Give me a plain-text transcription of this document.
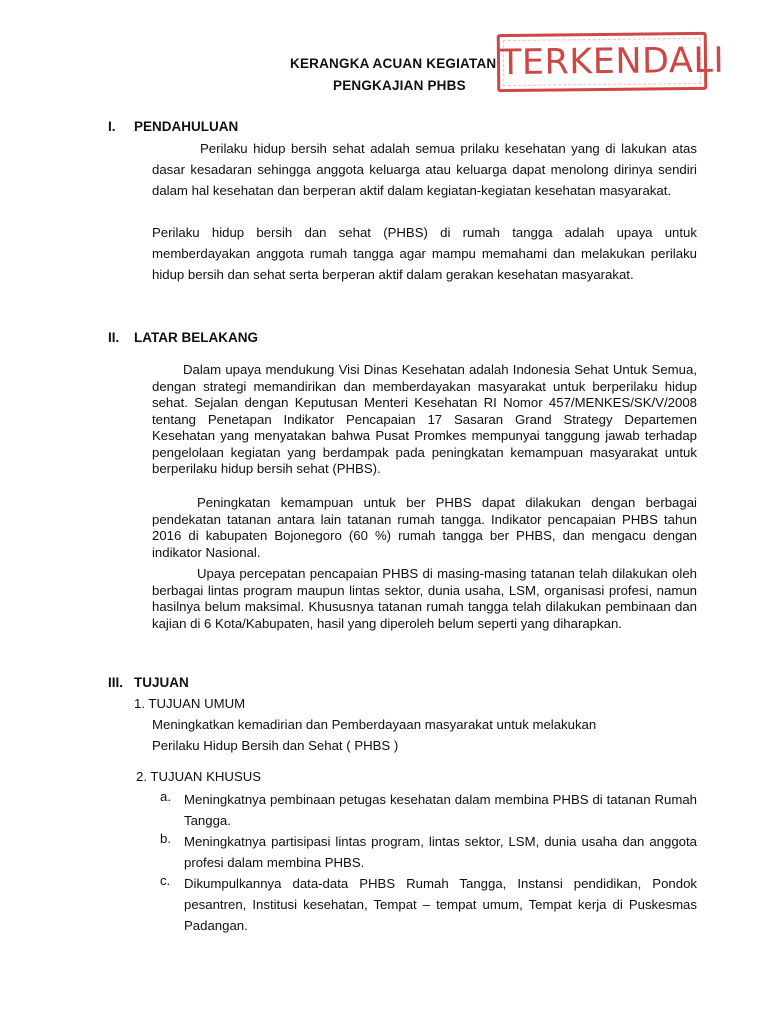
KERANGKA ACUAN KEGIATAN
PENGKAJIAN PHBS
TERKENDALI
I. PENDAHULUAN
Perilaku hidup bersih sehat adalah semua prilaku kesehatan yang di lakukan atas dasar kesadaran sehingga anggota keluarga atau keluarga dapat menolong dirinya sendiri dalam hal kesehatan dan berperan aktif dalam kegiatan-kegiatan kesehatan masyarakat.
Perilaku hidup bersih dan sehat (PHBS) di rumah tangga adalah upaya untuk memberdayakan anggota rumah tangga agar mampu memahami dan melakukan perilaku hidup bersih dan sehat serta berperan aktif dalam gerakan kesehatan masyarakat.
II. LATAR BELAKANG
Dalam upaya mendukung Visi Dinas Kesehatan adalah Indonesia Sehat Untuk Semua, dengan strategi memandirikan dan memberdayakan masyarakat untuk berperilaku hidup sehat. Sejalan dengan Keputusan Menteri Kesehatan RI Nomor 457/MENKES/SK/V/2008 tentang Penetapan Indikator Pencapaian 17 Sasaran Grand Strategy Departemen Kesehatan yang menyatakan bahwa Pusat Promkes mempunyai tanggung jawab terhadap pengelolaan kegiatan yang berdampak pada peningkatan kemampuan masyarakat untuk berperilaku hidup bersih sehat (PHBS).
Peningkatan kemampuan untuk ber PHBS dapat dilakukan dengan berbagai pendekatan tatanan antara lain tatanan rumah tangga. Indikator pencapaian PHBS tahun 2016 di kabupaten Bojonegoro (60 %) rumah tangga ber PHBS, dan mengacu dengan indikator Nasional.
Upaya percepatan pencapaian PHBS di masing-masing tatanan telah dilakukan oleh berbagai lintas program maupun lintas sektor, dunia usaha, LSM, organisasi profesi, namun hasilnya belum maksimal. Khususnya tatanan rumah tangga telah dilakukan pembinaan dan kajian di 6 Kota/Kabupaten, hasil yang diperoleh belum seperti yang diharapkan.
III. TUJUAN
1. TUJUAN UMUM
Meningkatkan kemadirian dan Pemberdayaan masyarakat untuk melakukan
Perilaku Hidup Bersih dan Sehat ( PHBS )
2. TUJUAN KHUSUS
a. Meningkatnya pembinaan petugas kesehatan dalam membina PHBS di tatanan Rumah Tangga.
b. Meningkatnya partisipasi lintas program, lintas sektor, LSM, dunia usaha dan anggota profesi dalam membina PHBS.
c.	Dikumpulkannya data-data PHBS Rumah Tangga, Instansi pendidikan, Pondok pesantren, Institusi kesehatan, Tempat – tempat umum, Tempat kerja di Puskesmas Padangan.
